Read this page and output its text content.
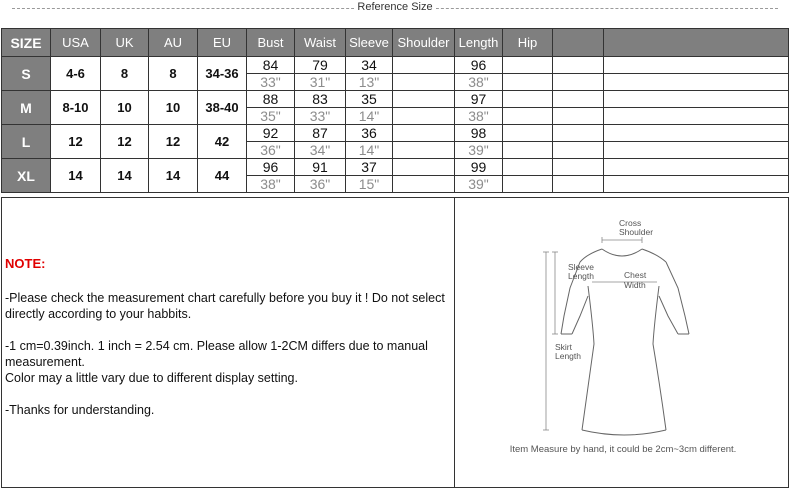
Reference Size
SIZE	USA	UK	AU	EU	Bust	Waist	Sleeve	Shoulder	Length	Hip		
S	4-6	8	8	34-36	84	79	34		96			
					33"	31"	13"		38"			
M	8-10	10	10	38-40	88	83	35		97			
					35"	33"	14"		38"			
L	12	12	12	42	92	87	36		98			
					36"	34"	14"		39"			
XL	14	14	14	44	96	91	37		99			
					38"	36"	15"		39"			
NOTE:

-Please check the measurement chart carefully before you buy it ! Do not select directly according to your habbits.

-1 cm=0.39inch. 1 inch = 2.54 cm. Please allow 1-2CM differs due to manual measurement.
Color may a little vary due to different display setting.

-Thanks for understanding.

Cross
Shoulder
Sleeve
Length	Chest
Width
Skirt
Length
Item Measure by hand, it could be 2cm~3cm different.
